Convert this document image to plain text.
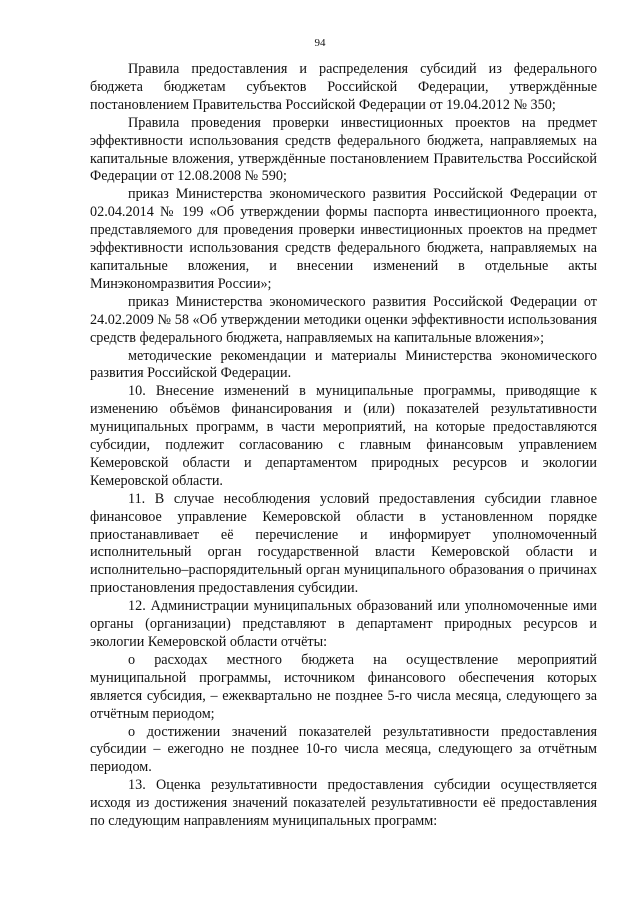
94

Правила предоставления и распределения субсидий из федерального бюджета бюджетам субъектов Российской Федерации, утверждённые постановлением Правительства Российской Федерации от 19.04.2012 № 350;

Правила проведения проверки инвестиционных проектов на предмет эффективности использования средств федерального бюджета, направляемых на капитальные вложения, утверждённые постановлением Правительства Российской Федерации от 12.08.2008 № 590;

приказ Министерства экономического развития Российской Федерации от 02.04.2014 № 199 «Об утверждении формы паспорта инвестиционного проекта, представляемого для проведения проверки инвестиционных проектов на предмет эффективности использования средств федерального бюджета, направляемых на капитальные вложения, и внесении изменений в отдельные акты Минэкономразвития России»;

приказ Министерства экономического развития Российской Федерации от 24.02.2009 № 58 «Об утверждении методики оценки эффективности использования средств федерального бюджета, направляемых на капитальные вложения»;

методические рекомендации и материалы Министерства экономического развития Российской Федерации.

10. Внесение изменений в муниципальные программы, приводящие к изменению объёмов финансирования и (или) показателей результативности муниципальных программ, в части мероприятий, на которые предоставляются субсидии, подлежит согласованию с главным финансовым управлением Кемеровской области и департаментом природных ресурсов и экологии Кемеровской области.

11. В случае несоблюдения условий предоставления субсидии главное финансовое управление Кемеровской области в установленном порядке приостанавливает её перечисление и информирует уполномоченный исполнительный орган государственной власти Кемеровской области и исполнительно–распорядительный орган муниципального образования о причинах приостановления предоставления субсидии.

12. Администрации муниципальных образований или уполномоченные ими органы (организации) представляют в департамент природных ресурсов и экологии Кемеровской области отчёты:

о расходах местного бюджета на осуществление мероприятий муниципальной программы, источником финансового обеспечения которых является субсидия, – ежеквартально не позднее 5-го числа месяца, следующего за отчётным периодом;

о достижении значений показателей результативности предоставления субсидии – ежегодно не позднее 10-го числа месяца, следующего за отчётным периодом.

13. Оценка результативности предоставления субсидии осуществляется исходя из достижения значений показателей результативности её предоставления по следующим направлениям муниципальных программ:
